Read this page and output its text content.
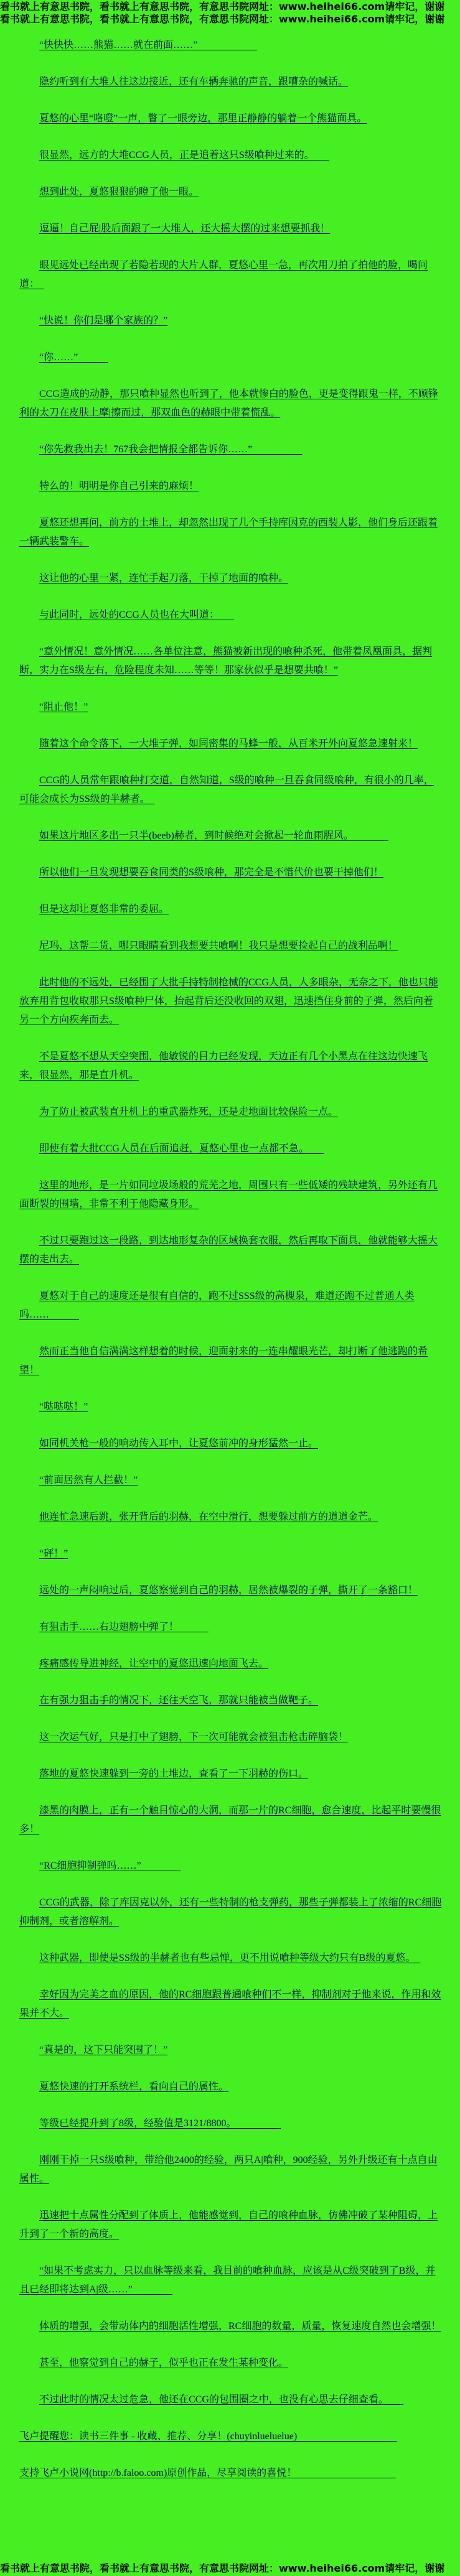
看书就上有意思书院，看书就上有意思书院，有意思书院网址：www.heihei66.com请牢记，谢谢
看书就上有意思书院，看书就上有意思书院，有意思书院网址：www.heihei66.com请牢记，谢谢

“快快快……熊猫……就在前面……”　　　　　　

隐约听到有大堆人往这边接近，还有车辆奔驰的声音，跟嘈杂的喊话。

夏悠的心里“咯噔”一声，瞥了一眼旁边，那里正静静的躺着一个熊猫面具。

很显然，远方的大堆CCG人员，正是追着这只S级喰种过来的。　　

想到此处，夏悠狠狠的瞪了他一眼。

逗逼！自己屁|股后面跟了一大堆人，还大摇大摆的过来想要抓我！

眼见远处已经出现了若隐若现的大片人群，夏悠心里一急，再次用刀拍了拍他的脸，喝问道：　

“快说！你们是哪个家族的？”

“你……”　　　

CCG造成的动静，那只喰种显然也听到了，他本就惨白的脸色，更是变得跟鬼一样，不顾锋利的太刀在皮肤上摩|擦而过，那双血色的赫眼中带着慌乱。

“你先救我出去！767我会把情报全都告诉你……”　　　　　

特么的！明明是你自己引来的麻烦！

夏悠还想再问，前方的土堆上，却忽然出现了几个手持库因克的西装人影，他们身后还跟着一辆武装警车。

这让他的心里一紧，连忙手起刀落，干掉了地面的喰种。

与此同时，远处的CCG人员也在大叫道：　　

“意外情况！意外情况……各单位注意，熊猫被新出现的喰种杀死，他带着凤凰面具，据判断，实力在S级左右，危险程度未知……等等！那家伙似乎是想要共喰！”

“阻止他！”

随着这个命令落下，一大堆子弹，如同密集的马蜂一般，从百米开外向夏悠急速射来！

CCG的人员常年跟喰种打交道，自然知道，S级的喰种一旦吞食同级喰种，有很小的几率，可能会成长为SS级的半赫者。　

如果这片地区多出一只半(beeb)赫者，到时候绝对会掀起一轮血雨腥风。　　　　

所以他们一旦发现想要吞食同类的S级喰种，那完全是不惜代价也要干掉他们！

但是这却让夏悠非常的委屈。

尼玛，这帮二货，哪只眼睛看到我想要共喰啊！我只是想要捡起自己的战利品啊！

此时他的不远处，已经围了大批手持特制枪械的CCG人员，人多眼杂，无奈之下，他也只能放弃用背包收取那只S级喰种尸体，抬起背后还没收回的双翅，迅速挡住身前的子弹，然后向着另一个方向疾奔而去。

不是夏悠不想从天空突围，他敏锐的目力已经发现，天边正有几个小黑点在往这边快速飞来，很显然，那是直升机。

为了防止被武装直升机上的重武器炸死，还是走地面比较保险一点。

即使有着大批CCG人员在后面追赶，夏悠心里也一点都不急。　　

这里的地形，是一片如同垃圾场般的荒芜之地，周围只有一些低矮的残缺建筑，另外还有几面断裂的围墙，非常不利于他隐藏身形。

不过只要跑过这一段路，到达地形复杂的区域换套衣服，然后再取下面具，他就能够大摇大摆的走出去。

夏悠对于自己的速度还是很有自信的，跑不过SSS级的高槻泉，难道还跑不过普通人类吗……　　　

然而正当他自信满满这样想着的时候，迎面射来的一连串耀眼光芒，却打断了他逃跑的希望！

“哒哒哒！”

如同机关枪一般的响动传入耳中，让夏悠前冲的身形猛然一止。

“前面居然有人拦截！”

他连忙急速后跳，张开背后的羽赫，在空中滑行，想要躲过前方的道道金芒。

“砰！”

远处的一声闷响过后，夏悠察觉到自己的羽赫，居然被爆裂的子弹，撕开了一条豁口！

有狙击手……右边翅膀中弹了！　　　

疼痛感传导进神经，让空中的夏悠迅速向地面飞去。

在有强力狙击手的情况下，还往天空飞，那就只能被当做靶子。

这一次运气好，只是打中了翅膀，下一次可能就会被狙击枪击碎脑袋！

落地的夏悠快速躲到一旁的土堆边，查看了一下羽赫的伤口。

漆黑的肉膜上，正有一个触目惊心的大洞，而那一片的RC细胞，愈合速度，比起平时要慢很多！

“RC细胞抑制弹吗……”　　　　

CCG的武器，除了库因克以外，还有一些特制的枪支弹药，那些子弹都装上了浓缩的RC细胞抑制剂，或者溶解剂。

这种武器，即使是SS级的半赫者也有些忌惮，更不用说喰种等级大约只有B级的夏悠。　

幸好因为完美之血的原因，他的RC细胞跟普通喰种们不一样，抑制剂对于他来说，作用和效果并不大。

“真是的，这下只能突围了！”

夏悠快速的打开系统栏，看向自己的属性。

等级已经提升到了8级，经验值是3121/8800。　　　　　

刚刚干掉一只S级喰种，带给他2400的经验，两只A|喰种，900经验，另外升级还有十点自由属性。

迅速把十点属性分配到了体质上，他能感觉到，自己的喰种血脉，仿佛冲破了某种阻碍，上升到了一个新的高度。

“如果不考虑实力，只以血脉等级来看，我目前的喰种血脉，应该是从C级突破到了B级，并且已经即将达到A|级……”　　　　

体质的增强，会带动体内的细胞活性增强，RC细胞的数量，质量，恢复速度自然也会增强！

甚至，他察觉到自己的赫子，似乎也正在发生某种变化。

不过此时的情况太过危急，他还在CCG的包围圈之中，也没有心思去仔细查看。　　

飞卢提醒您：读书三件事 - 收藏、推荐、分享！(chuyinlueluelue)　　　　　　　　　　

支持飞卢小说网(http://b.faloo.com)原创作品，尽享阅读的喜悦！　　　　　　　　　　

看书就上有意思书院，看书就上有意思书院，有意思书院网址：www.heihei66.com请牢记，谢谢
